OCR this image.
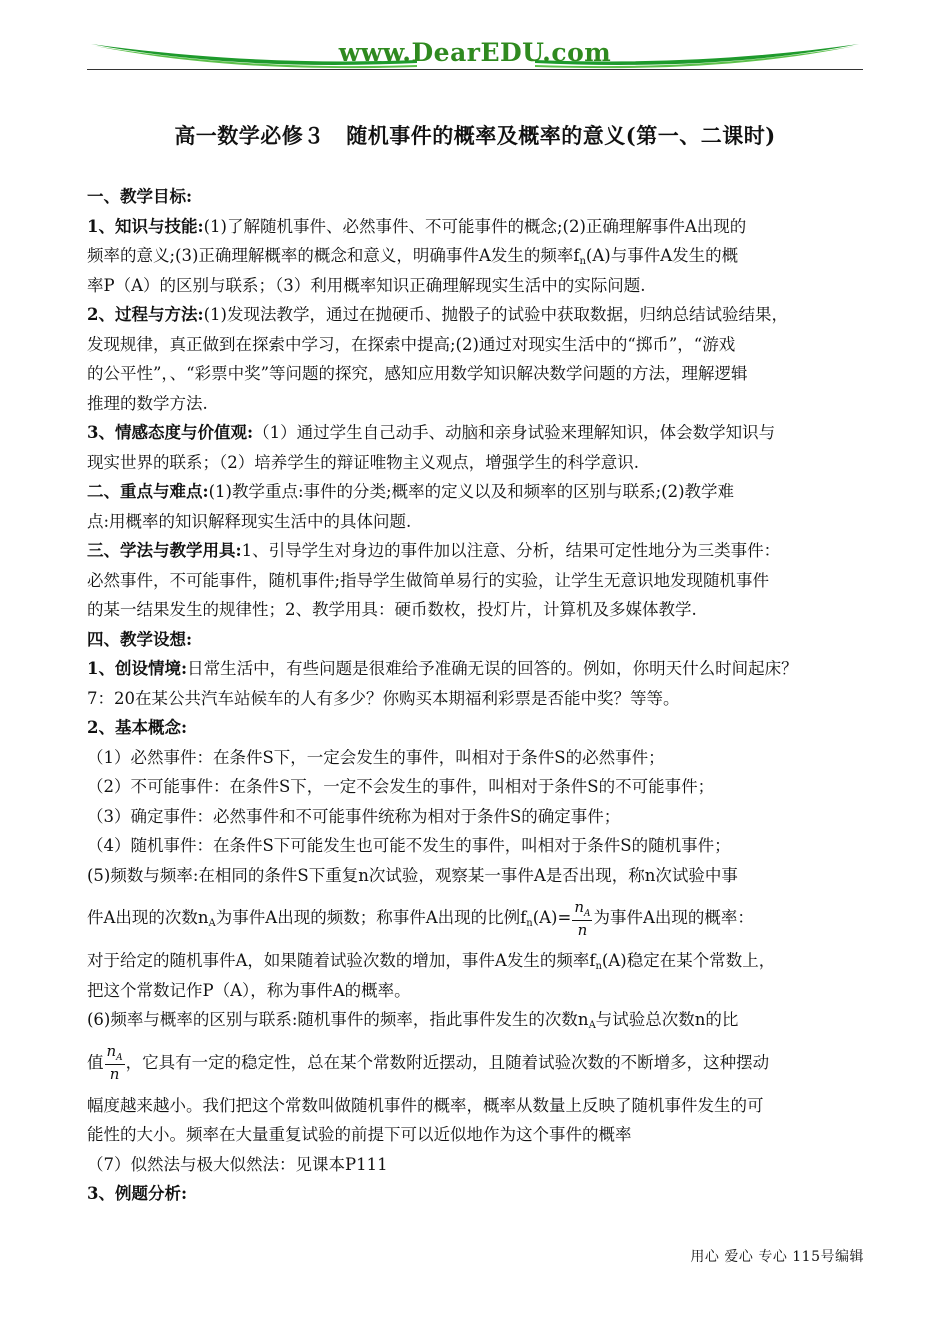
www.DearEDU.com
高一数学必修３　随机事件的概率及概率的意义(第一、二课时)
一、教学目标:
1、知识与技能:(1)了解随机事件、必然事件、不可能事件的概念;(2)正确理解事件A出现的
频率的意义;(3)正确理解概率的概念和意义，明确事件A发生的频率$f_n(A)$与事件A发生的概
率P（A）的区别与联系；（3）利用概率知识正确理解现实生活中的实际问题.
2、过程与方法:(1)发现法教学，通过在抛硬币、抛骰子的试验中获取数据，归纳总结试验结果，
发现规律，真正做到在探索中学习，在探索中提高;(2)通过对现实生活中的“掷币”，“游戏
的公平性”，、“彩票中奖”等问题的探究，感知应用数学知识解决数学问题的方法，理解逻辑
推理的数学方法.
3、情感态度与价值观:（1）通过学生自己动手、动脑和亲身试验来理解知识，体会数学知识与
现实世界的联系；（2）培养学生的辩证唯物主义观点，增强学生的科学意识.
二、重点与难点:(1)教学重点:事件的分类;概率的定义以及和频率的区别与联系;(2)教学难
点:用概率的知识解释现实生活中的具体问题.
三、学法与教学用具:1、引导学生对身边的事件加以注意、分析，结果可定性地分为三类事件：
必然事件，不可能事件，随机事件;指导学生做简单易行的实验，让学生无意识地发现随机事件
的某一结果发生的规律性；2、教学用具：硬币数枚，投灯片，计算机及多媒体教学.
四、教学设想:
1、创设情境:日常生活中，有些问题是很难给予准确无误的回答的。例如，你明天什么时间起床？
7：20在某公共汽车站候车的人有多少？你购买本期福利彩票是否能中奖？等等。
2、基本概念:
（1）必然事件：在条件S下，一定会发生的事件，叫相对于条件S的必然事件；
（2）不可能事件：在条件S下，一定不会发生的事件，叫相对于条件S的不可能事件；
（3）确定事件：必然事件和不可能事件统称为相对于条件S的确定事件；
（4）随机事件：在条件S下可能发生也可能不发生的事件，叫相对于条件S的随机事件；
(5)频数与频率:在相同的条件S下重复n次试验，观察某一事件A是否出现，称n次试验中事
件A出现的次数$n_A$为事件A出现的频数；称事件A出现的比例$f_n(A)= \frac{n_A}{n}$ 为事件A出现的概率：
对于给定的随机事件A，如果随着试验次数的增加，事件A发生的频率$f_n(A)$稳定在某个常数上，
把这个常数记作P（A），称为事件A的概率。
(6)频率与概率的区别与联系:随机事件的频率，指此事件发生的次数$n_A$与试验总次数n的比
值 $\frac{n_A}{n}$ ，它具有一定的稳定性，总在某个常数附近摆动，且随着试验次数的不断增多，这种摆动
幅度越来越小。我们把这个常数叫做随机事件的概率，概率从数量上反映了随机事件发生的可
能性的大小。频率在大量重复试验的前提下可以近似地作为这个事件的概率
（7）似然法与极大似然法：见课本P111
3、例题分析:
用心 爱心 专心 115号编辑
